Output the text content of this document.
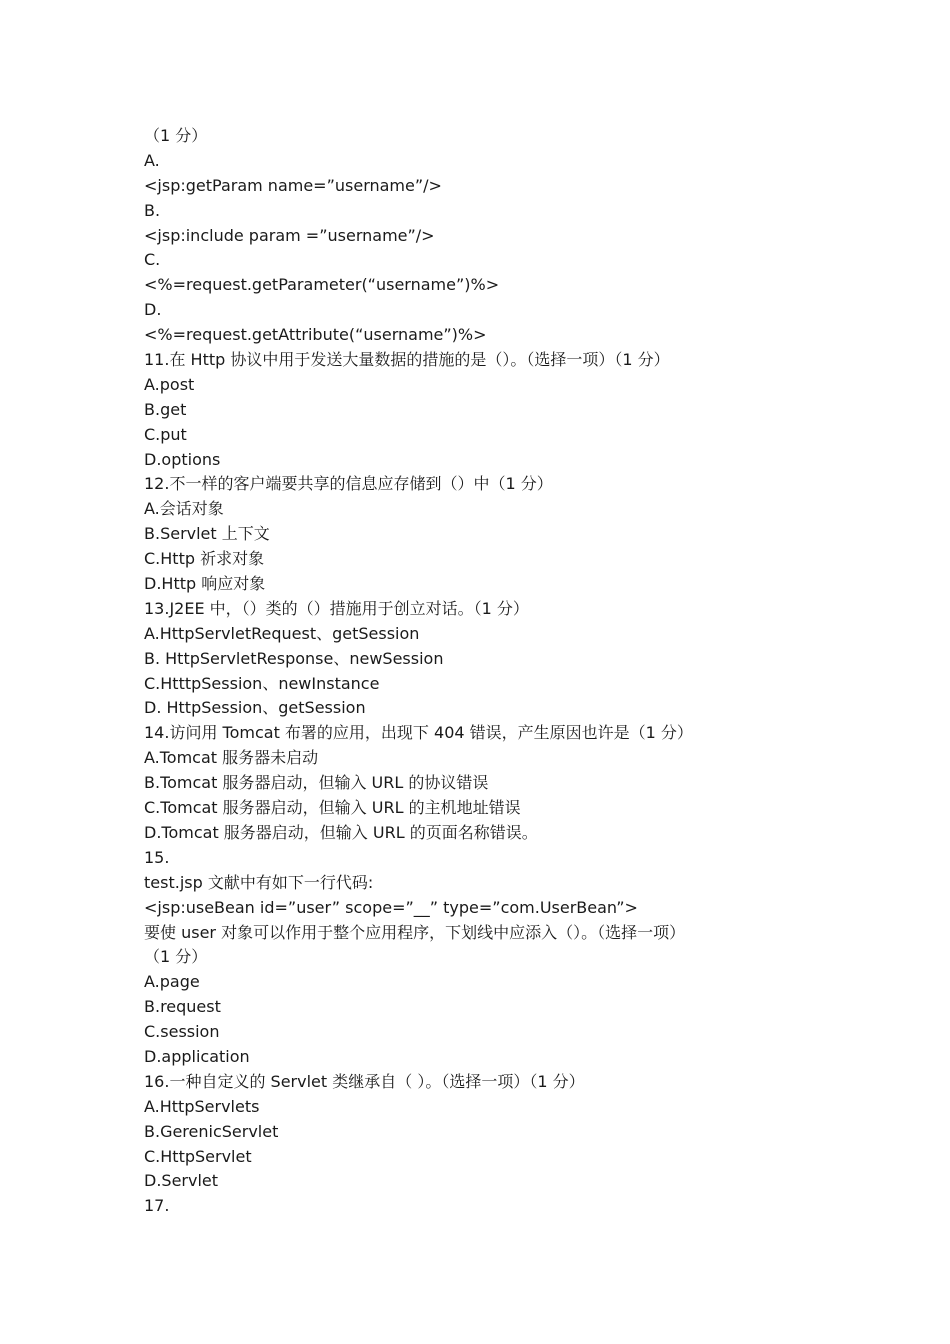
（1 分）
A.
<jsp:getParam name=”username”/>
B.
<jsp:include param =”username”/>
C.
<%=request.getParameter(“username”)%>
D.
<%=request.getAttribute(“username”)%>
11.在 Http 协议中用于发送大量数据的措施的是（）。（选择一项）（1 分）
A.post
B.get
C.put
D.options
12.不一样的客户端要共享的信息应存储到（）中（1 分）
A.会话对象
B.Servlet 上下文
C.Http 祈求对象
D.Http 响应对象
13.J2EE 中，（）类的（）措施用于创立对话。（1 分）
A.HttpServletRequest、getSession
B. HttpServletResponse、newSession
C.HtttpSession、newInstance
D. HttpSession、getSession
14.访问用 Tomcat 布署的应用，出现下 404 错误，产生原因也许是（1 分）
A.Tomcat 服务器未启动
B.Tomcat 服务器启动，但输入 URL 的协议错误
C.Tomcat 服务器启动，但输入 URL 的主机地址错误
D.Tomcat 服务器启动，但输入 URL 的页面名称错误。
15.
test.jsp 文献中有如下一行代码:
<jsp:useBean id=”user” scope=”__” type=”com.UserBean”>
要使 user 对象可以作用于整个应用程序，下划线中应添入（）。（选择一项）
（1 分）
A.page
B.request
C.session
D.application
16.一种自定义的 Servlet 类继承自（ ）。（选择一项）（1 分）
A.HttpServlets
B.GerenicServlet
C.HttpServlet
D.Servlet
17.
